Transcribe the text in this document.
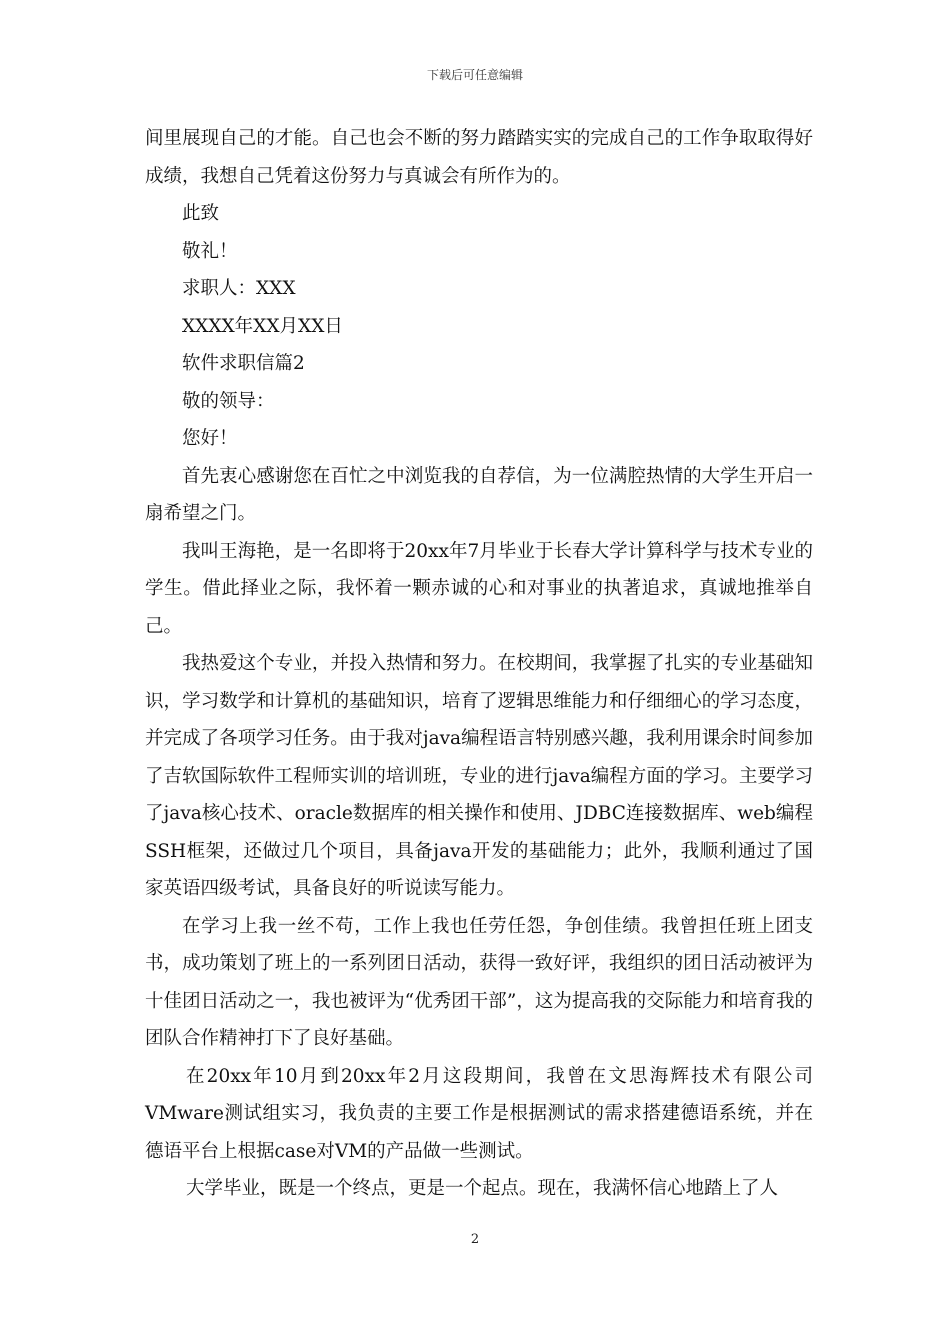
下载后可任意编辑

间里展现自己的才能。自己也会不断的努力踏踏实实的完成自己的工作争取取得好成绩，我想自己凭着这份努力与真诚会有所作为的。

此致

敬礼！

求职人：XXX

XXXX年XX月XX日

软件求职信篇2

敬的领导：

您好！

首先衷心感谢您在百忙之中浏览我的自荐信，为一位满腔热情的大学生开启一扇希望之门。

我叫王海艳，是一名即将于20xx年7月毕业于长春大学计算科学与技术专业的学生。借此择业之际，我怀着一颗赤诚的心和对事业的执著追求，真诚地推举自己。

我热爱这个专业，并投入热情和努力。在校期间，我掌握了扎实的专业基础知识，学习数学和计算机的基础知识，培育了逻辑思维能力和仔细细心的学习态度，并完成了各项学习任务。由于我对java编程语言特别感兴趣，我利用课余时间参加了吉软国际软件工程师实训的培训班，专业的进行java编程方面的学习。主要学习了java核心技术、oracle数据库的相关操作和使用、JDBC连接数据库、web编程SSH框架，还做过几个项目，具备java开发的基础能力；此外，我顺利通过了国家英语四级考试，具备良好的听说读写能力。

在学习上我一丝不苟，工作上我也任劳任怨，争创佳绩。我曾担任班上团支书，成功策划了班上的一系列团日活动，获得一致好评，我组织的团日活动被评为十佳团日活动之一，我也被评为“优秀团干部”，这为提高我的交际能力和培育我的团队合作精神打下了良好基础。

在20xx年10月到20xx年2月这段期间，我曾在文思海辉技术有限公司VMware测试组实习，我负责的主要工作是根据测试的需求搭建德语系统，并在德语平台上根据case对VM的产品做一些测试。

大学毕业，既是一个终点，更是一个起点。现在，我满怀信心地踏上了人

2
